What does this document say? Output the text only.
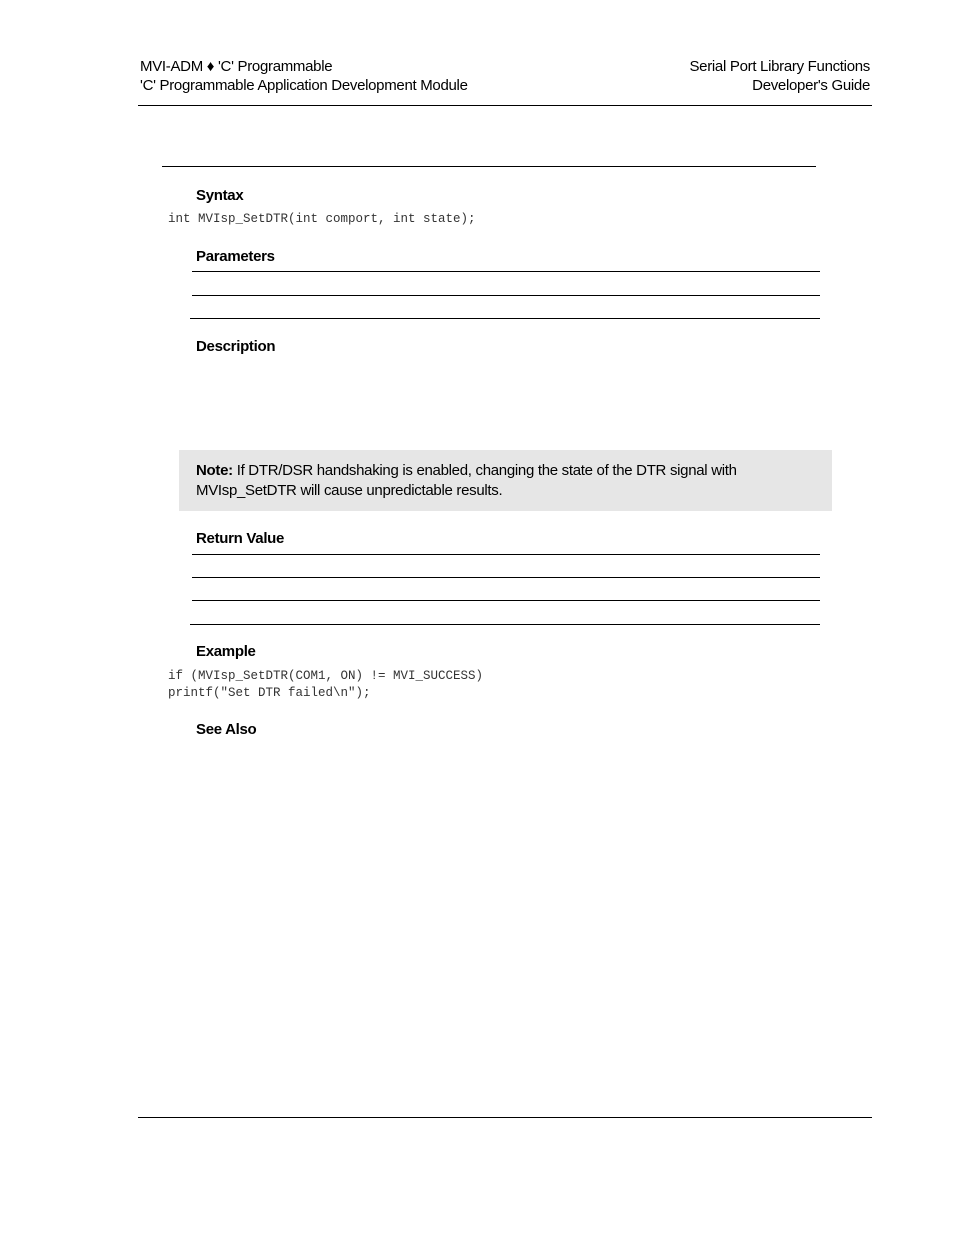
MVI-ADM ♦ 'C' Programmable
'C' Programmable Application Development Module
Serial Port Library Functions
Developer's Guide
Syntax
int MVIsp_SetDTR(int comport, int state);
Parameters
Description
Note: If DTR/DSR handshaking is enabled, changing the state of the DTR signal with MVIsp_SetDTR will cause unpredictable results.
Return Value
Example
if (MVIsp_SetDTR(COM1, ON) != MVI_SUCCESS)
printf("Set DTR failed\n");
See Also
